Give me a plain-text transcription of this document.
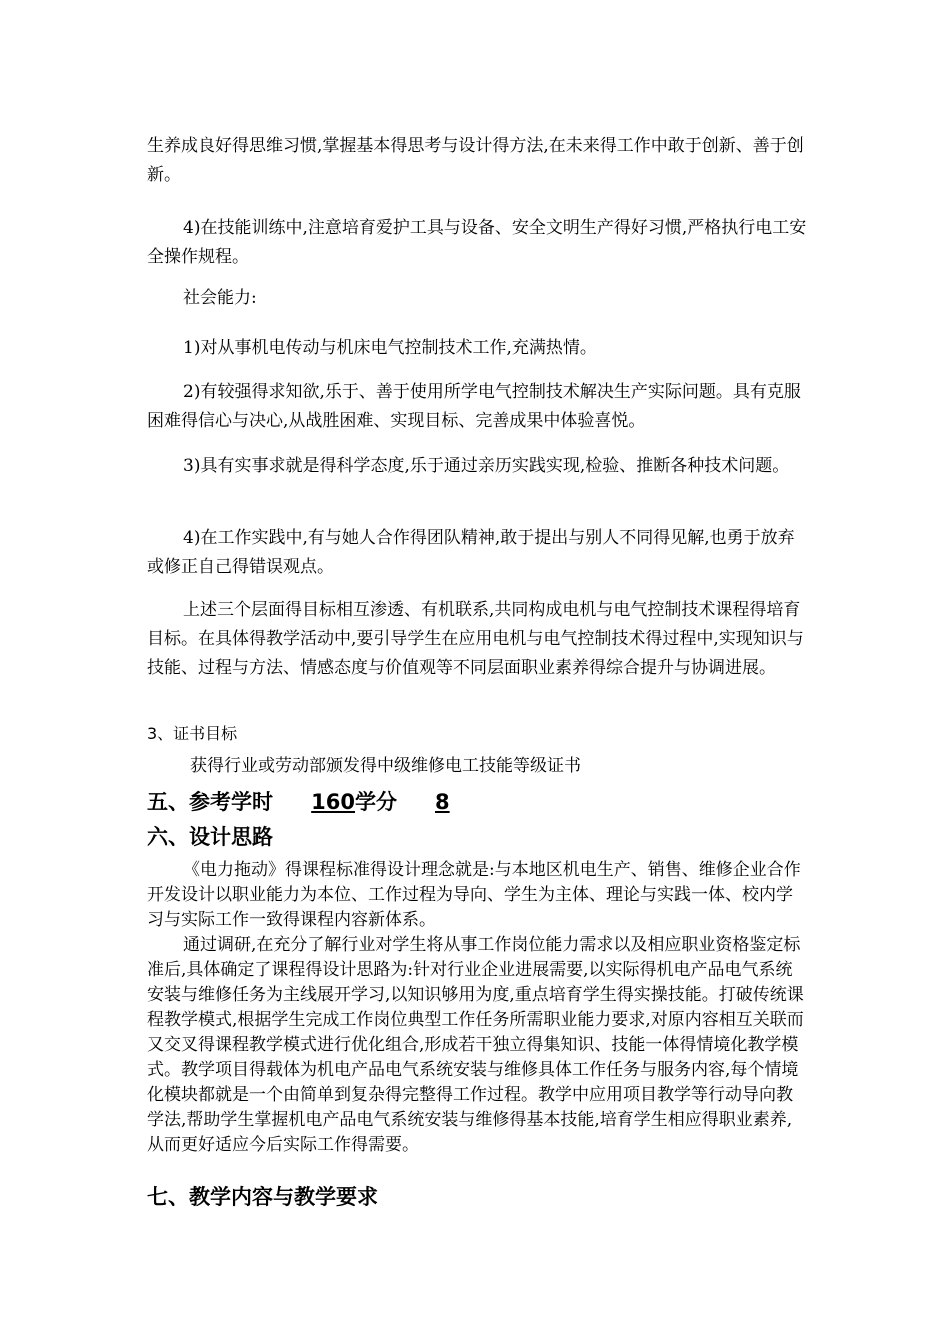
生养成良好得思维习惯,掌握基本得思考与设计得方法,在未来得工作中敢于创新、善于创新。

4)在技能训练中,注意培育爱护工具与设备、安全文明生产得好习惯,严格执行电工安全操作规程。

社会能力:

1)对从事机电传动与机床电气控制技术工作,充满热情。

2)有较强得求知欲,乐于、善于使用所学电气控制技术解决生产实际问题。具有克服困难得信心与决心,从战胜困难、实现目标、完善成果中体验喜悦。

3)具有实事求就是得科学态度,乐于通过亲历实践实现,检验、推断各种技术问题。

4)在工作实践中,有与她人合作得团队精神,敢于提出与别人不同得见解,也勇于放弃或修正自己得错误观点。

上述三个层面得目标相互渗透、有机联系,共同构成电机与电气控制技术课程得培育目标。在具体得教学活动中,要引导学生在应用电机与电气控制技术得过程中,实现知识与技能、过程与方法、情感态度与价值观等不同层面职业素养得综合提升与协调进展。

3、证书目标

获得行业或劳动部颁发得中级维修电工技能等级证书

五、参考学时 160学分 8
六、设计思路

《电力拖动》得课程标准得设计理念就是:与本地区机电生产、销售、维修企业合作开发设计以职业能力为本位、工作过程为导向、学生为主体、理论与实践一体、校内学习与实际工作一致得课程内容新体系。

通过调研,在充分了解行业对学生将从事工作岗位能力需求以及相应职业资格鉴定标准后,具体确定了课程得设计思路为:针对行业企业进展需要,以实际得机电产品电气系统安装与维修任务为主线展开学习,以知识够用为度,重点培育学生得实操技能。打破传统课程教学模式,根据学生完成工作岗位典型工作任务所需职业能力要求,对原内容相互关联而又交叉得课程教学模式进行优化组合,形成若干独立得集知识、技能一体得情境化教学模式。教学项目得载体为机电产品电气系统安装与维修具体工作任务与服务内容,每个情境化模块都就是一个由简单到复杂得完整得工作过程。教学中应用项目教学等行动导向教学法,帮助学生掌握机电产品电气系统安装与维修得基本技能,培育学生相应得职业素养,从而更好适应今后实际工作得需要。

七、教学内容与教学要求
